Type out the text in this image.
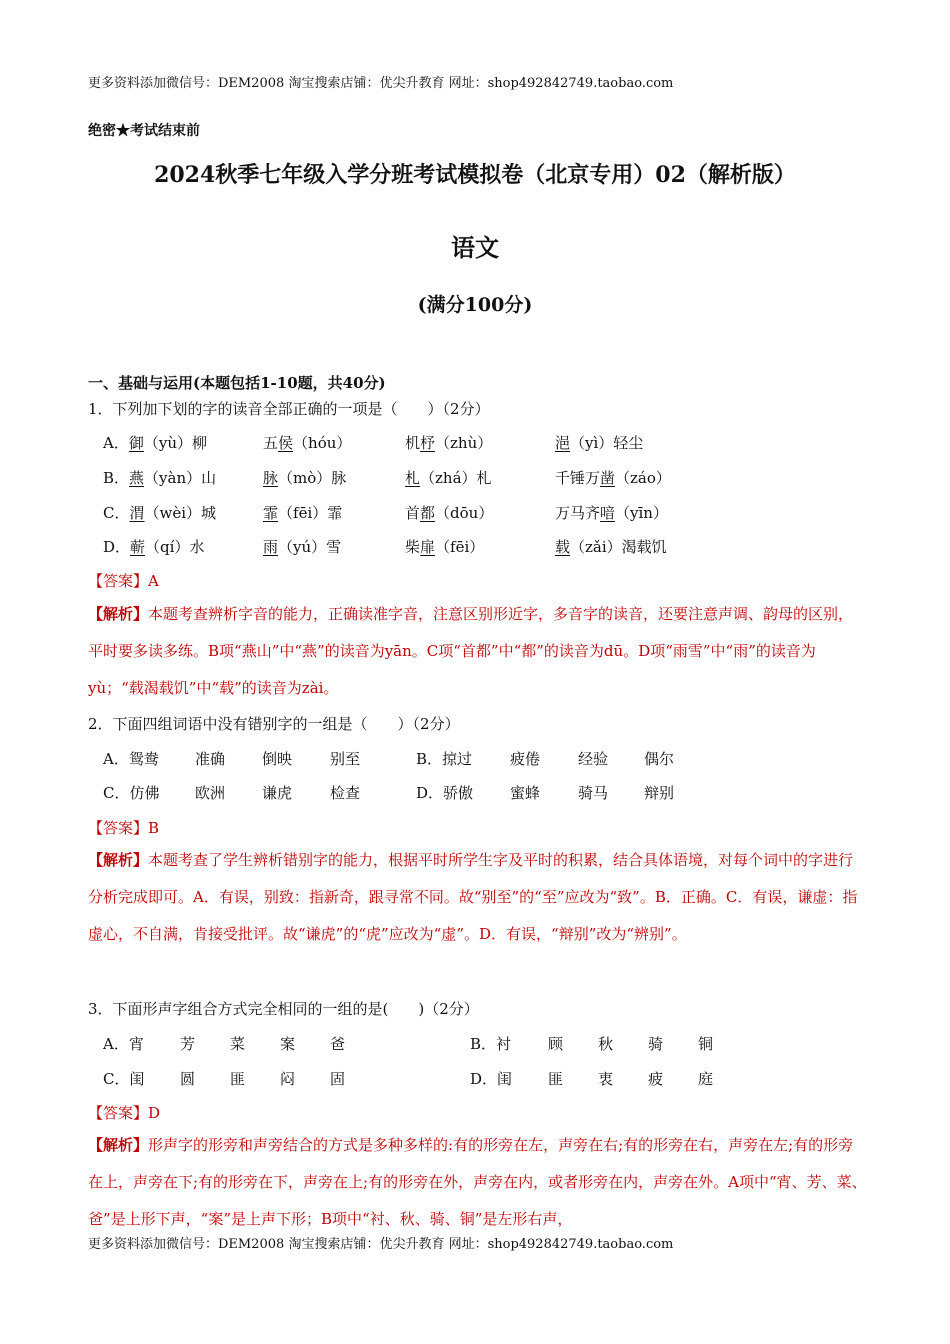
更多资料添加微信号：DEM2008 淘宝搜索店铺：优尖升教育 网址：shop492842749.taobao.com
绝密★考试结束前
2024秋季七年级入学分班考试模拟卷（北京专用）02（解析版）
语文
(满分100分)
一、基础与运用(本题包括1-10题，共40分)
1．下列加下划的字的读音全部正确的一项是（　　）（2分）
A．御（yù）柳	五侯（hóu）	机杼（zhù）	浥（yì）轻尘
B．燕（yàn）山	脉（mò）脉	札（zhá）札	千锤万凿（záo）
C．渭（wèi）城	霏（fēi）霏	首都（dōu）	万马齐喑（yīn）
D．蕲（qí）水	雨（yú）雪	柴扉（fēi）	载（zǎi）渴载饥
【答案】A
【解析】本题考查辨析字音的能力，正确读准字音，注意区别形近字，多音字的读音，还要注意声调、韵母的区别，平时要多读多练。B项“燕山”中“燕”的读音为yān。C项“首都”中“都”的读音为dū。D项“雨雪”中“雨”的读音为yù；“载渴载饥”中“载”的读音为zài。
2．下面四组词语中没有错别字的一组是（　　）（2分）
A．鸳鸯 准确 倒映	别至	B．掠过	疲倦	经验 偶尔
C．仿佛 欧洲 谦虎	检查	D．骄傲 蜜蜂	骑马 辩别
【答案】B
【解析】本题考查了学生辨析错别字的能力，根据平时所学生字及平时的积累，结合具体语境，对每个词中的字进行分析完成即可。A．有误，别致：指新奇，跟寻常不同。故“别至”的“至”应改为“致”。B．正确。C．有误，谦虚：指虚心，不自满，肯接受批评。故“谦虎”的“虎”应改为“虚”。D．有误，“辩别”改为“辨别”。
3．下面形声字组合方式完全相同的一组的是(　　)（2分）
A．宵 芳 菜 案 爸	B．衬 顾 秋 骑 铜
C．闺 圆 匪 闷 固	D．闺 匪 衷 疲 庭
【答案】D
【解析】形声字的形旁和声旁结合的方式是多种多样的:有的形旁在左，声旁在右;有的形旁在右，声旁在左;有的形旁在上，声旁在下;有的形旁在下，声旁在上;有的形旁在外，声旁在内，或者形旁在内，声旁在外。A项中“宵、芳、菜、爸”是上形下声，“案”是上声下形；B项中“衬、秋、骑、铜”是左形右声，
更多资料添加微信号：DEM2008 淘宝搜索店铺：优尖升教育 网址：shop492842749.taobao.com
